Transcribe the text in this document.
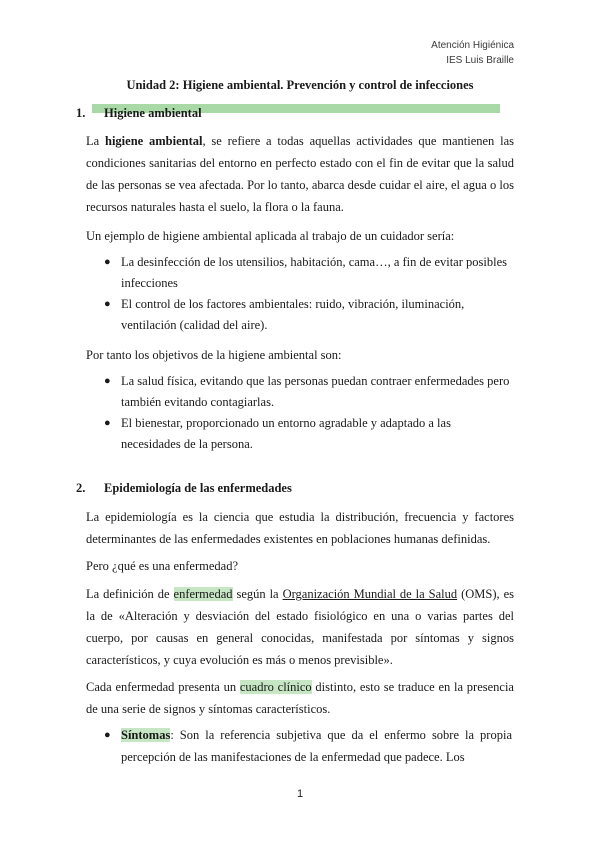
Atención Higiénica
IES Luis Braille
Unidad 2: Higiene ambiental. Prevención y control de infecciones
1. Higiene ambiental
La higiene ambiental, se refiere a todas aquellas actividades que mantienen las condiciones sanitarias del entorno en perfecto estado con el fin de evitar que la salud de las personas se vea afectada. Por lo tanto, abarca desde cuidar el aire, el agua o los recursos naturales hasta el suelo, la flora o la fauna.
Un ejemplo de higiene ambiental aplicada al trabajo de un cuidador sería:
● La desinfección de los utensilios, habitación, cama…, a fin de evitar posibles infecciones
● El control de los factores ambientales: ruido, vibración, iluminación, ventilación (calidad del aire).
Por tanto los objetivos de la higiene ambiental son:
● La salud física, evitando que las personas puedan contraer enfermedades pero también evitando contagiarlas.
● El bienestar, proporcionado un entorno agradable y adaptado a las necesidades de la persona.
2. Epidemiología de las enfermedades
La epidemiología es la ciencia que estudia la distribución, frecuencia y factores determinantes de las enfermedades existentes en poblaciones humanas definidas.
Pero ¿qué es una enfermedad?
La definición de enfermedad según la Organización Mundial de la Salud (OMS), es la de «Alteración y desviación del estado fisiológico en una o varias partes del cuerpo, por causas en general conocidas, manifestada por síntomas y signos característicos, y cuya evolución es más o menos previsible».
Cada enfermedad presenta un cuadro clínico distinto, esto se traduce en la presencia de una serie de signos y síntomas característicos.
● Síntomas: Son la referencia subjetiva que da el enfermo sobre la propia percepción de las manifestaciones de la enfermedad que padece. Los
1
